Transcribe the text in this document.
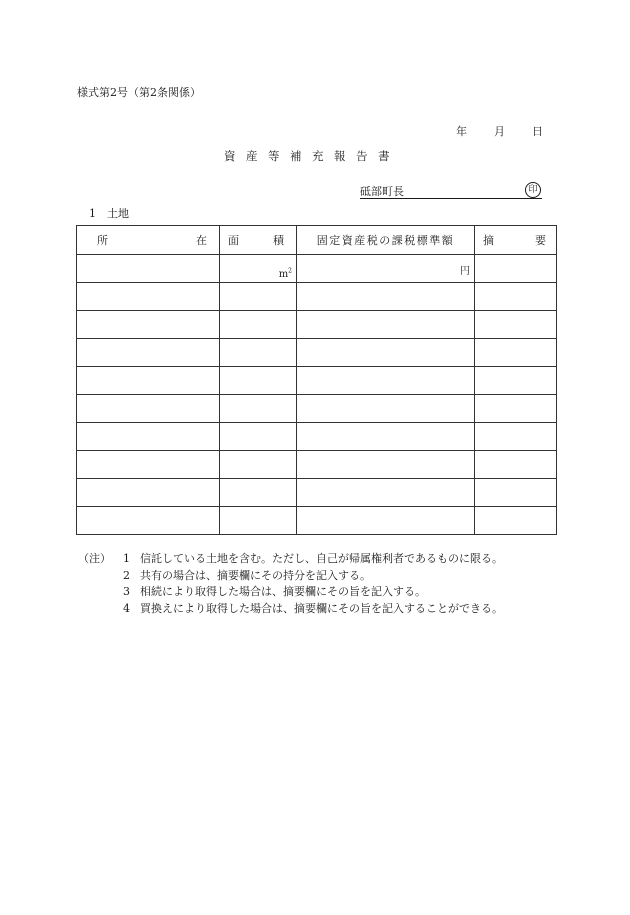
様式第2号（第2条関係）
年 月 日
資産等補充報告書
砥部町長	印
1 土地
所 在	面 積	固定資産税の課税標準額	摘 要

	$m^2$	円	

（注）	1 信託している土地を含む。ただし、自己が帰属権利者であるものに限る。
2 共有の場合は、摘要欄にその持分を記入する。
3 相続により取得した場合は、摘要欄にその旨を記入する。
4 買換えにより取得した場合は、摘要欄にその旨を記入することができる。
